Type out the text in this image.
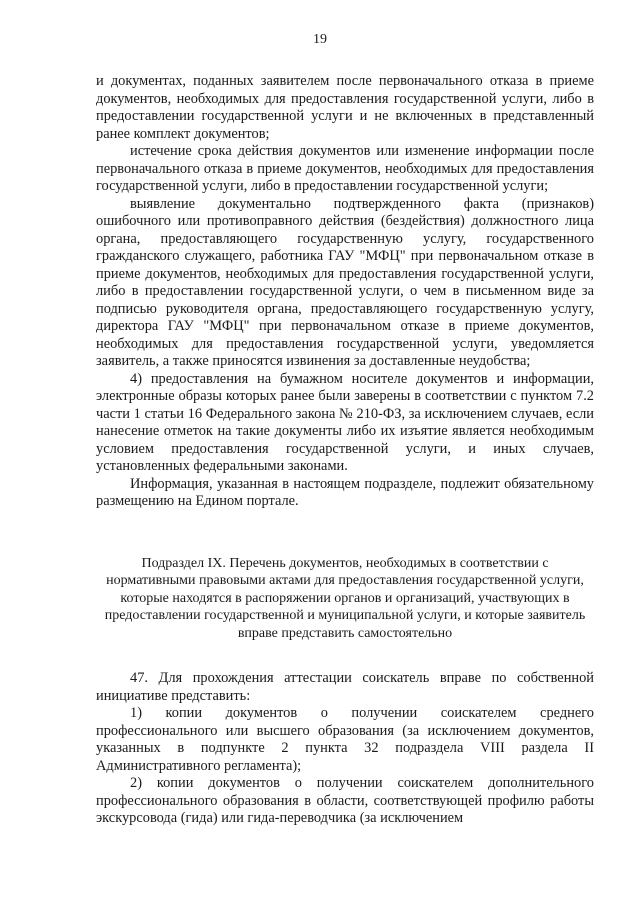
19

и документах, поданных заявителем после первоначального отказа в приеме документов, необходимых для предоставления государственной услуги, либо в предоставлении государственной услуги и не включенных в представленный ранее комплект документов;

истечение срока действия документов или изменение информации после первоначального отказа в приеме документов, необходимых для предоставления государственной услуги, либо в предоставлении государственной услуги;

выявление документально подтвержденного факта (признаков) ошибочного или противоправного действия (бездействия) должностного лица органа, предоставляющего государственную услугу, государственного гражданского служащего, работника ГАУ "МФЦ" при первоначальном отказе в приеме документов, необходимых для предоставления государственной услуги, либо в предоставлении государственной услуги, о чем в письменном виде за подписью руководителя органа, предоставляющего государственную услугу, директора ГАУ "МФЦ" при первоначальном отказе в приеме документов, необходимых для предоставления государственной услуги, уведомляется заявитель, а также приносятся извинения за доставленные неудобства;

4) предоставления на бумажном носителе документов и информации, электронные образы которых ранее были заверены в соответствии с пунктом 7.2 части 1 статьи 16 Федерального закона № 210-ФЗ, за исключением случаев, если нанесение отметок на такие документы либо их изъятие является необходимым условием предоставления государственной услуги, и иных случаев, установленных федеральными законами.

Информация, указанная в настоящем подразделе, подлежит обязательному размещению на Едином портале.

Подраздел IX. Перечень документов, необходимых в соответствии с нормативными правовыми актами для предоставления государственной услуги, которые находятся в распоряжении органов и организаций, участвующих в предоставлении государственной и муниципальной услуги, и которые заявитель вправе представить самостоятельно

47. Для прохождения аттестации соискатель вправе по собственной инициативе представить:

1) копии документов о получении соискателем среднего профессионального или высшего образования (за исключением документов, указанных в подпункте 2 пункта 32 подраздела VIII раздела II Административного регламента);

2) копии документов о получении соискателем дополнительного профессионального образования в области, соответствующей профилю работы экскурсовода (гида) или гида-переводчика (за исключением
